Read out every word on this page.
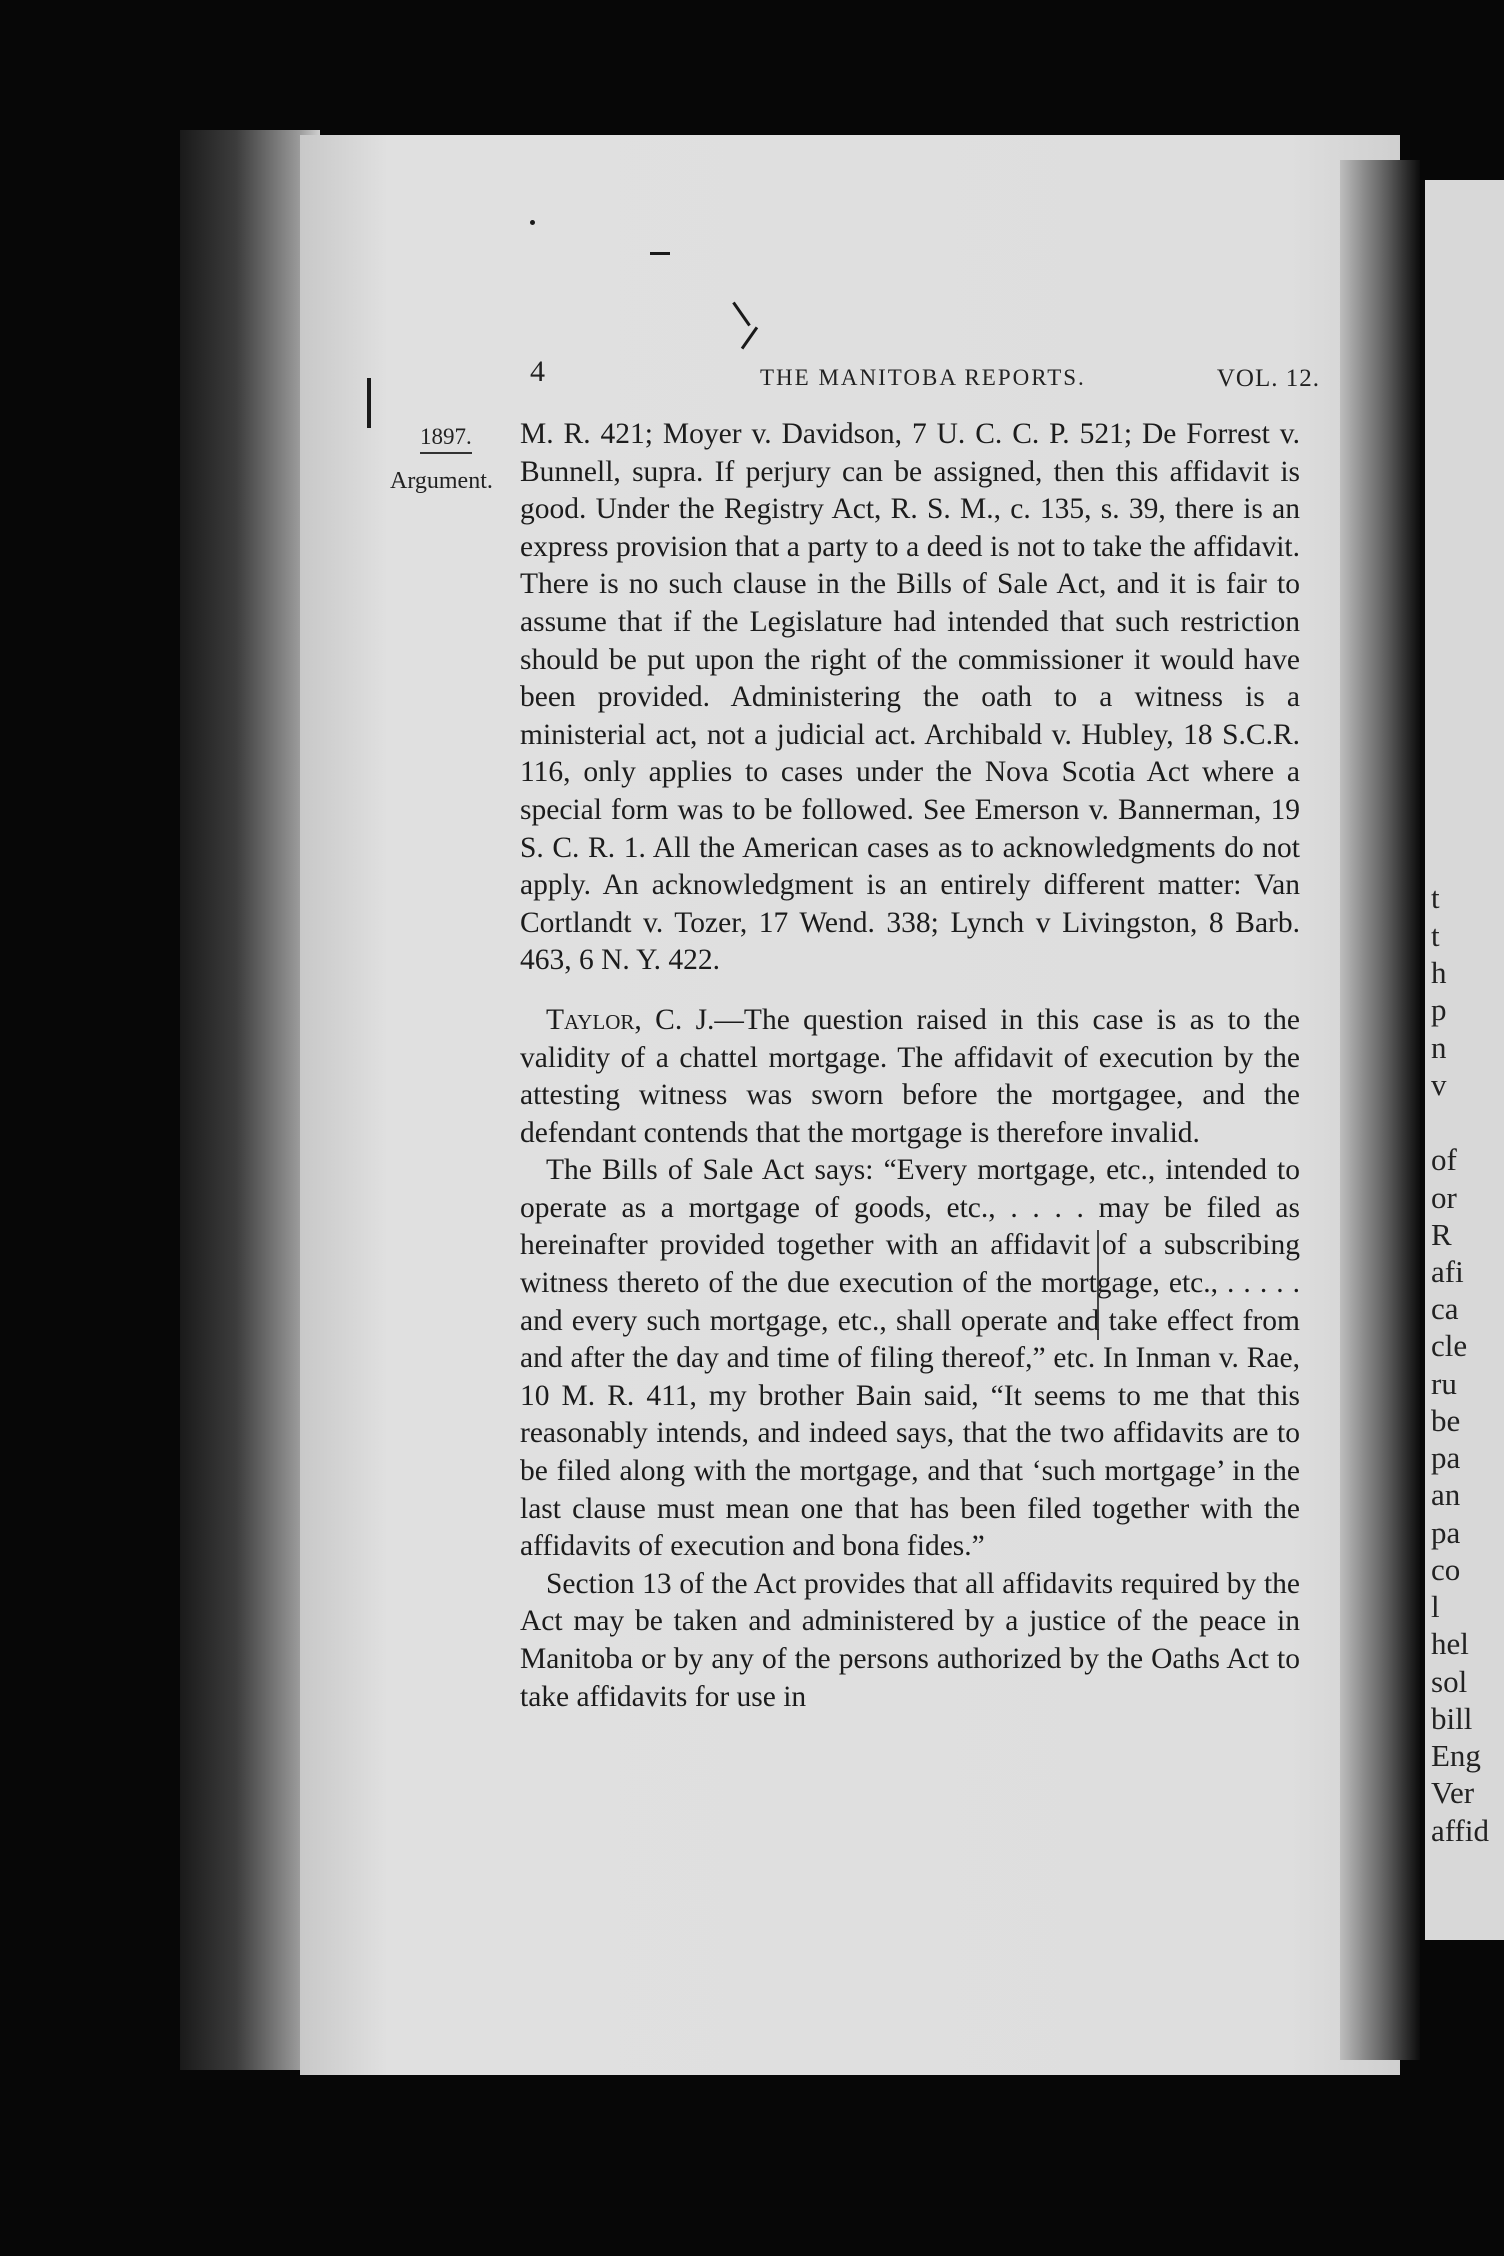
t
t
h
p
n
v
of
or
R
afi
ca
cle
ru
be
pa
an
pa
co
l
hel
sol
bill
Eng
Ver
affid
4	THE MANITOBA REPORTS.	VOL. 12.
1897.
Argument.

M. R. 421; Moyer v. Davidson, 7 U. C. C. P. 521; De Forrest v. Bunnell, supra. If perjury can be assigned, then this affidavit is good. Under the Registry Act, R. S. M., c. 135, s. 39, there is an express provision that a party to a deed is not to take the affidavit. There is no such clause in the Bills of Sale Act, and it is fair to assume that if the Legislature had intended that such restriction should be put upon the right of the commissioner it would have been provided. Administering the oath to a witness is a ministerial act, not a judicial act. Archibald v. Hubley, 18 S.C.R. 116, only applies to cases under the Nova Scotia Act where a special form was to be followed. See Emerson v. Bannerman, 19 S. C. R. 1. All the American cases as to acknowledgments do not apply. An acknowledgment is an entirely different matter: Van Cortlandt v. Tozer, 17 Wend. 338; Lynch v Livingston, 8 Barb. 463, 6 N. Y. 422.

Taylor, C. J.—The question raised in this case is as to the validity of a chattel mortgage. The affidavit of execution by the attesting witness was sworn before the mortgagee, and the defendant contends that the mortgage is therefore invalid.

The Bills of Sale Act says: “Every mortgage, etc., intended to operate as a mortgage of goods, etc., . . . . may be filed as hereinafter provided together with an affidavit of a subscribing witness thereto of the due execution of the mortgage, etc., . . . . . and every such mortgage, etc., shall operate and take effect from and after the day and time of filing thereof,” etc. In Inman v. Rae, 10 M. R. 411, my brother Bain said, “It seems to me that this reasonably intends, and indeed says, that the two affidavits are to be filed along with the mortgage, and that ‘such mortgage’ in the last clause must mean one that has been filed together with the affidavits of execution and bona fides.”

Section 13 of the Act provides that all affidavits required by the Act may be taken and administered by a justice of the peace in Manitoba or by any of the persons authorized by the Oaths Act to take affidavits for use in
